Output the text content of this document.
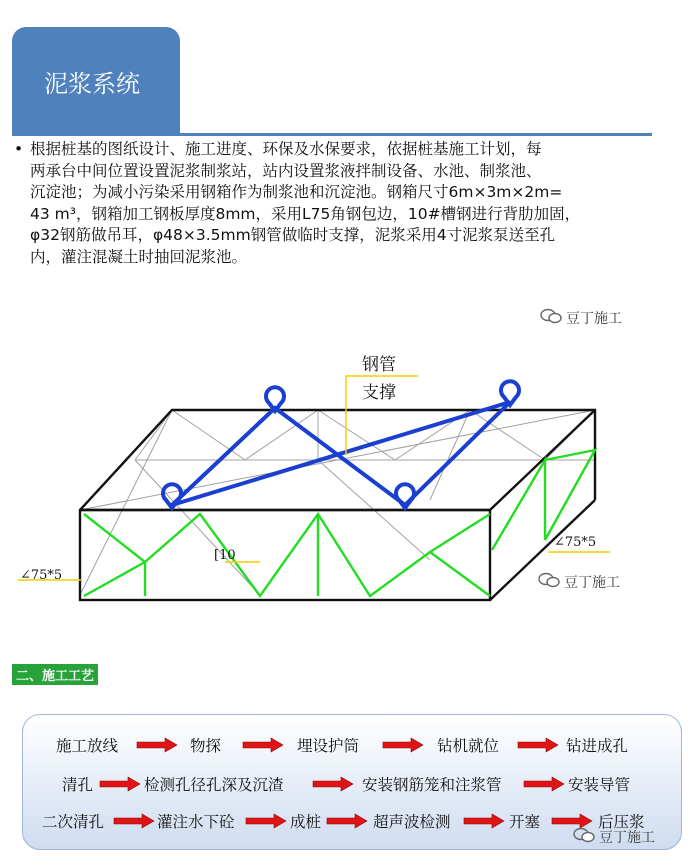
泥浆系统
• 根据桩基的图纸设计、施工进度、环保及水保要求，依据桩基施工计划，每
两承台中间位置设置泥浆制浆站，站内设置浆液拌制设备、水池、制浆池、
沉淀池；为减小污染采用钢箱作为制浆池和沉淀池。钢箱尺寸6m×3m×2m=
43 m³，钢箱加工钢板厚度8mm，采用L75角钢包边，10#槽钢进行背肋加固，
φ32钢筋做吊耳，φ48×3.5mm钢管做临时支撑，泥浆采用4寸泥浆泵送至孔
内，灌注混凝土时抽回泥浆池。
豆丁施工
钢管
支撑
[10
∠75*5
∠75*5
豆丁施工
二、施工工艺
施工放线	物探	埋设护筒	钻机就位	钻进成孔
清孔	检测孔径孔深及沉渣	安装钢筋笼和注浆管	安装导管
二次清孔	灌注水下砼	成桩	超声波检测	开塞	后压浆
豆丁施工
